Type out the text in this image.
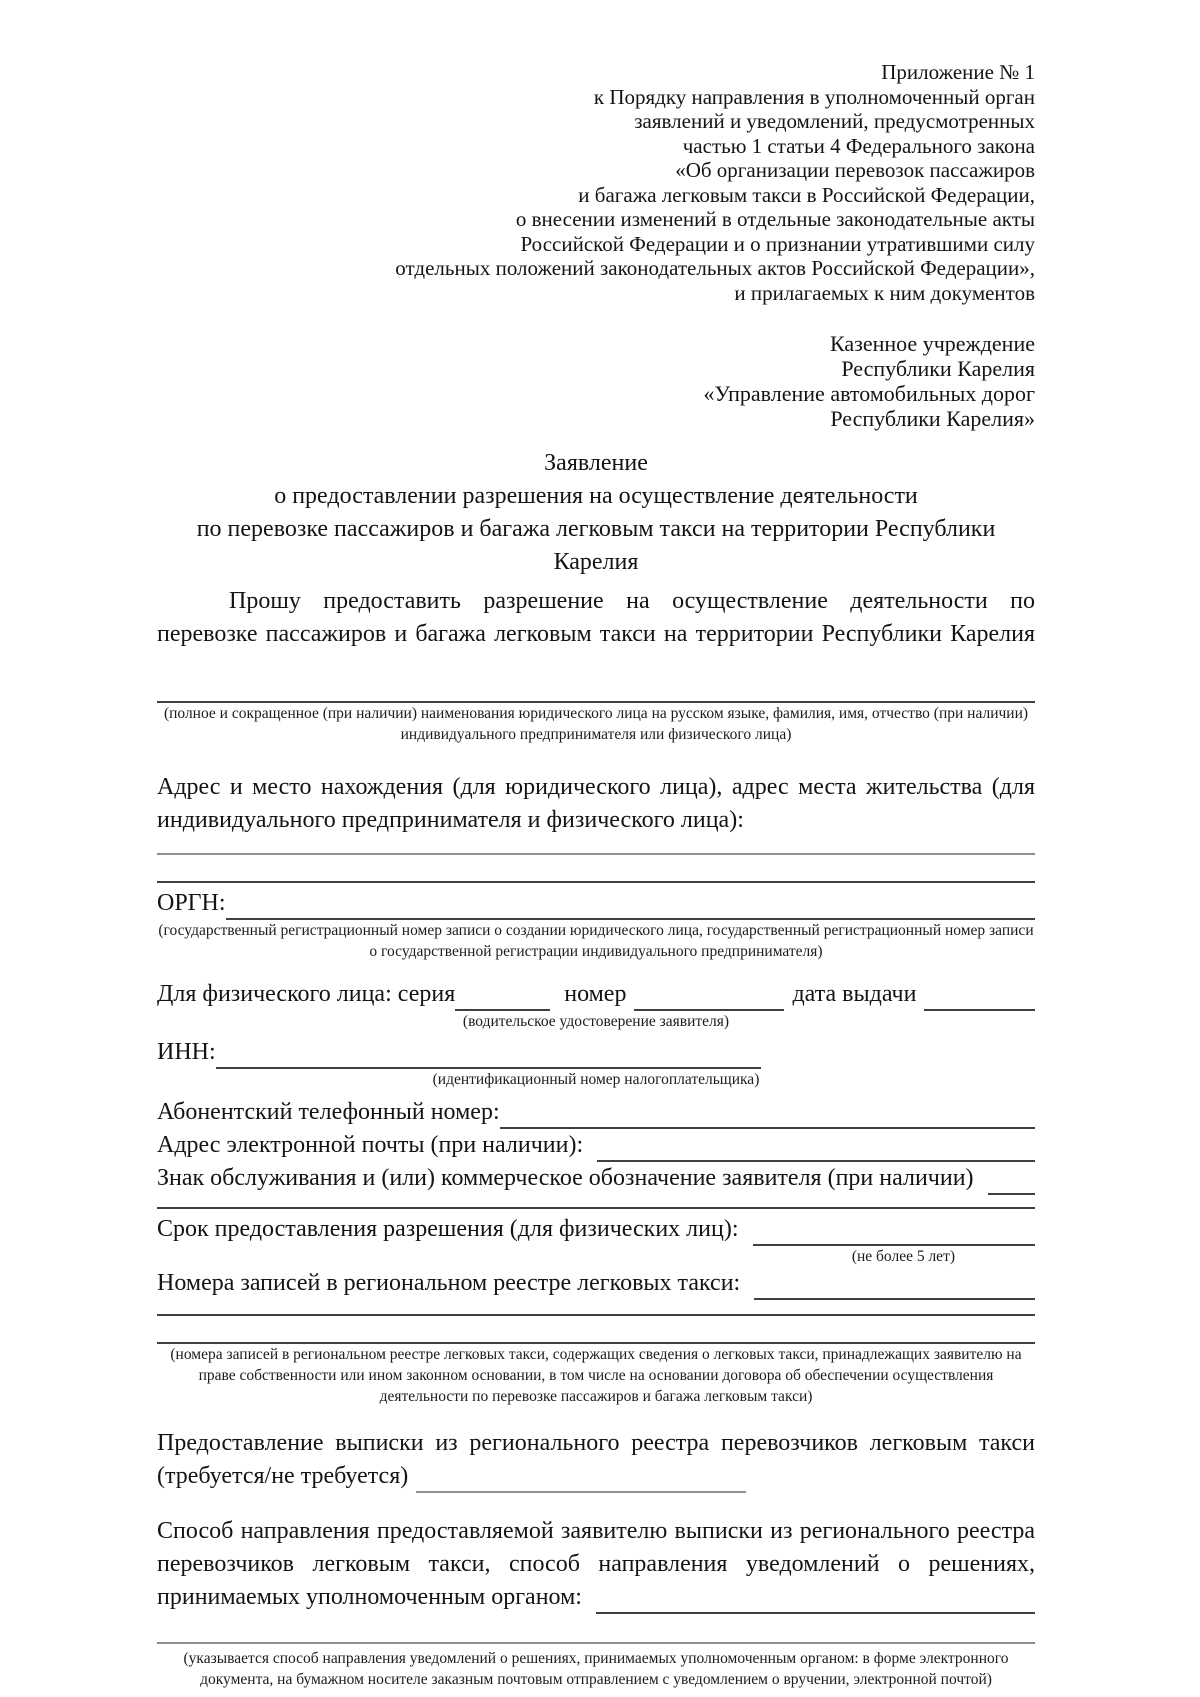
Приложение № 1
к Порядку направления в уполномоченный орган
заявлений и уведомлений, предусмотренных
частью 1 статьи 4 Федерального закона
«Об организации перевозок пассажиров
и багажа легковым такси в Российской Федерации,
о внесении изменений в отдельные законодательные акты
Российской Федерации и о признании утратившими силу
отдельных положений законодательных актов Российской Федерации»,
и прилагаемых к ним документов
Казенное учреждение
Республики Карелия
«Управление автомобильных дорог
Республики Карелия»
Заявление
о предоставлении разрешения на осуществление деятельности
по перевозке пассажиров и багажа легковым такси на территории Республики Карелия
Прошу предоставить разрешение на осуществление деятельности по перевозке пассажиров и багажа легковым такси на территории Республики Карелия
(полное и сокращенное (при наличии) наименования юридического лица на русском языке, фамилия, имя, отчество (при наличии) индивидуального предпринимателя или физического лица)
Адрес и место нахождения (для юридического лица), адрес места жительства (для индивидуального предпринимателя и физического лица):
ОРГН:
(государственный регистрационный номер записи о создании юридического лица, государственный регистрационный номер записи о государственной регистрации индивидуального предпринимателя)
Для физического лица: серия	номер	дата выдачи
(водительское удостоверение заявителя)
ИНН:
(идентификационный номер налогоплательщика)
Абонентский телефонный номер:
Адрес электронной почты (при наличии):
Знак обслуживания и (или) коммерческое обозначение заявителя (при наличии)
Срок предоставления разрешения (для физических лиц):
(не более 5 лет)
Номера записей в региональном реестре легковых такси:
(номера записей в региональном реестре легковых такси, содержащих сведения о легковых такси, принадлежащих заявителю на праве собственности или ином законном основании, в том числе на основании договора об обеспечении осуществления деятельности по перевозке пассажиров и багажа легковым такси)
Предоставление выписки из регионального реестра перевозчиков легковым такси
(требуется/не требуется)
Способ направления предоставляемой заявителю выписки из регионального реестра перевозчиков легковым такси, способ направления уведомлений о решениях,
принимаемых уполномоченным органом:
(указывается способ направления уведомлений о решениях, принимаемых уполномоченным органом: в форме электронного документа, на бумажном носителе заказным почтовым отправлением с уведомлением о вручении, электронной почтой)
